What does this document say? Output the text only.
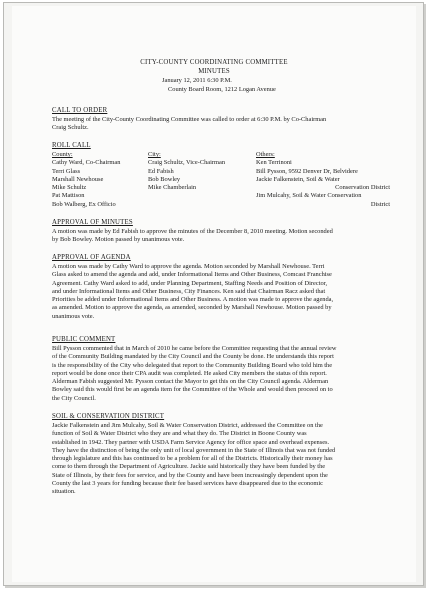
CITY-COUNTY COORDINATING COMMITTEE
MINUTES
January 12, 2011 6:30 P.M.
County Board Room, 1212 Logan Avenue
CALL TO ORDER
The meeting of the City-County Coordinating Committee was called to order at 6:30 P.M. by Co-Chairman
Craig Schultz.
ROLL CALL
County:
Cathy Ward, Co-Chairman
Terri Glass
Marshall Newhouse
Mike Schultz
Pat Mattison
Bob Walberg, Ex Officio
City:
Craig Schultz, Vice-Chairman
Ed Fabish
Bob Bowley
Mike Chamberlain
Others:
Ken Terrinoni
Bill Pysson, 9592 Denver Dr, Belvidere
Jackie Falkenstein, Soil & Water
Conservation District
Jim Mulcahy, Soil & Water Conservation
District
APPROVAL OF MINUTES
A motion was made by Ed Fabish to approve the minutes of the December 8, 2010 meeting. Motion seconded
by Bob Bowley. Motion passed by unanimous vote.
APPROVAL OF AGENDA
A motion was made by Cathy Ward to approve the agenda. Motion seconded by Marshall Newhouse. Terri
Glass asked to amend the agenda and add, under Informational Items and Other Business, Comcast Franchise
Agreement. Cathy Ward asked to add, under Planning Department, Staffing Needs and Position of Director,
and under Informational Items and Other Business, City Finances. Ken said that Chairman Racz asked that
Priorities be added under Informational Items and Other Business. A motion was made to approve the agenda,
as amended. Motion to approve the agenda, as amended, seconded by Marshall Newhouse. Motion passed by
unanimous vote.
PUBLIC COMMENT
Bill Pysson commented that in March of 2010 he came before the Committee requesting that the annual review
of the Community Building mandated by the City Council and the County be done. He understands this report
is the responsibility of the City who delegated that report to the Community Building Board who told him the
report would be done once their CPA audit was completed. He asked City members the status of this report.
Alderman Fabish suggested Mr. Pysson contact the Mayor to get this on the City Council agenda. Alderman
Bowley said this would first be an agenda item for the Committee of the Whole and would then proceed on to
the City Council.
SOIL & CONSERVATION DISTRICT
Jackie Falkenstein and Jim Mulcahy, Soil & Water Conservation District, addressed the Committee on the
function of Soil & Water District who they are and what they do. The District in Boone County was
established in 1942. They partner with USDA Farm Service Agency for office space and overhead expenses.
They have the distinction of being the only unit of local government in the State of Illinois that was not funded
through legislature and this has continued to be a problem for all of the Districts. Historically their money has
come to them through the Department of Agriculture. Jackie said historically they have been funded by the
State of Illinois, by their fees for service, and by the County and have been increasingly dependent upon the
County the last 3 years for funding because their fee based services have disappeared due to the economic
situation.
